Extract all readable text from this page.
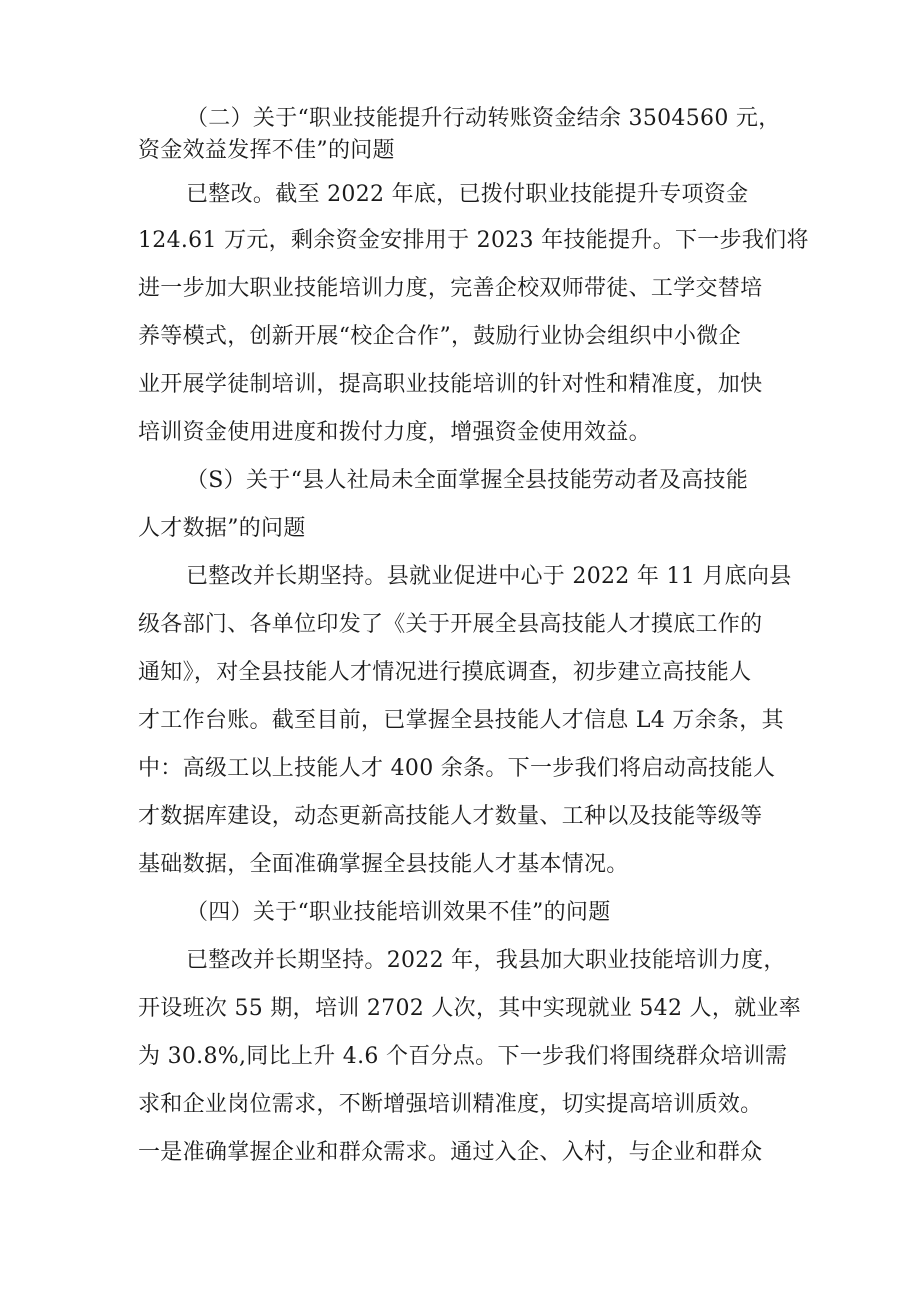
（二）关于“职业技能提升行动转账资金结余 3504560 元，

资金效益发挥不佳”的问题

已整改。截至 2022 年底，已拨付职业技能提升专项资金

124.61 万元，剩余资金安排用于 2023 年技能提升。下一步我们将

进一步加大职业技能培训力度，完善企校双师带徒、工学交替培

养等模式，创新开展“校企合作”，鼓励行业协会组织中小微企

业开展学徒制培训，提高职业技能培训的针对性和精准度，加快

培训资金使用进度和拨付力度，增强资金使用效益。

（S）关于“县人社局未全面掌握全县技能劳动者及高技能

人才数据”的问题

已整改并长期坚持。县就业促进中心于 2022 年 11 月底向县

级各部门、各单位印发了《关于开展全县高技能人才摸底工作的

通知》，对全县技能人才情况进行摸底调查，初步建立高技能人

才工作台账。截至目前，已掌握全县技能人才信息 L4 万余条，其

中：高级工以上技能人才 400 余条。下一步我们将启动高技能人

才数据库建设，动态更新高技能人才数量、工种以及技能等级等

基础数据，全面准确掌握全县技能人才基本情况。

（四）关于“职业技能培训效果不佳”的问题

已整改并长期坚持。2022 年，我县加大职业技能培训力度，

开设班次 55 期，培训 2702 人次，其中实现就业 542 人，就业率

为 30.8%,同比上升 4.6 个百分点。下一步我们将围绕群众培训需

求和企业岗位需求，不断增强培训精准度，切实提高培训质效。

一是准确掌握企业和群众需求。通过入企、入村，与企业和群众
